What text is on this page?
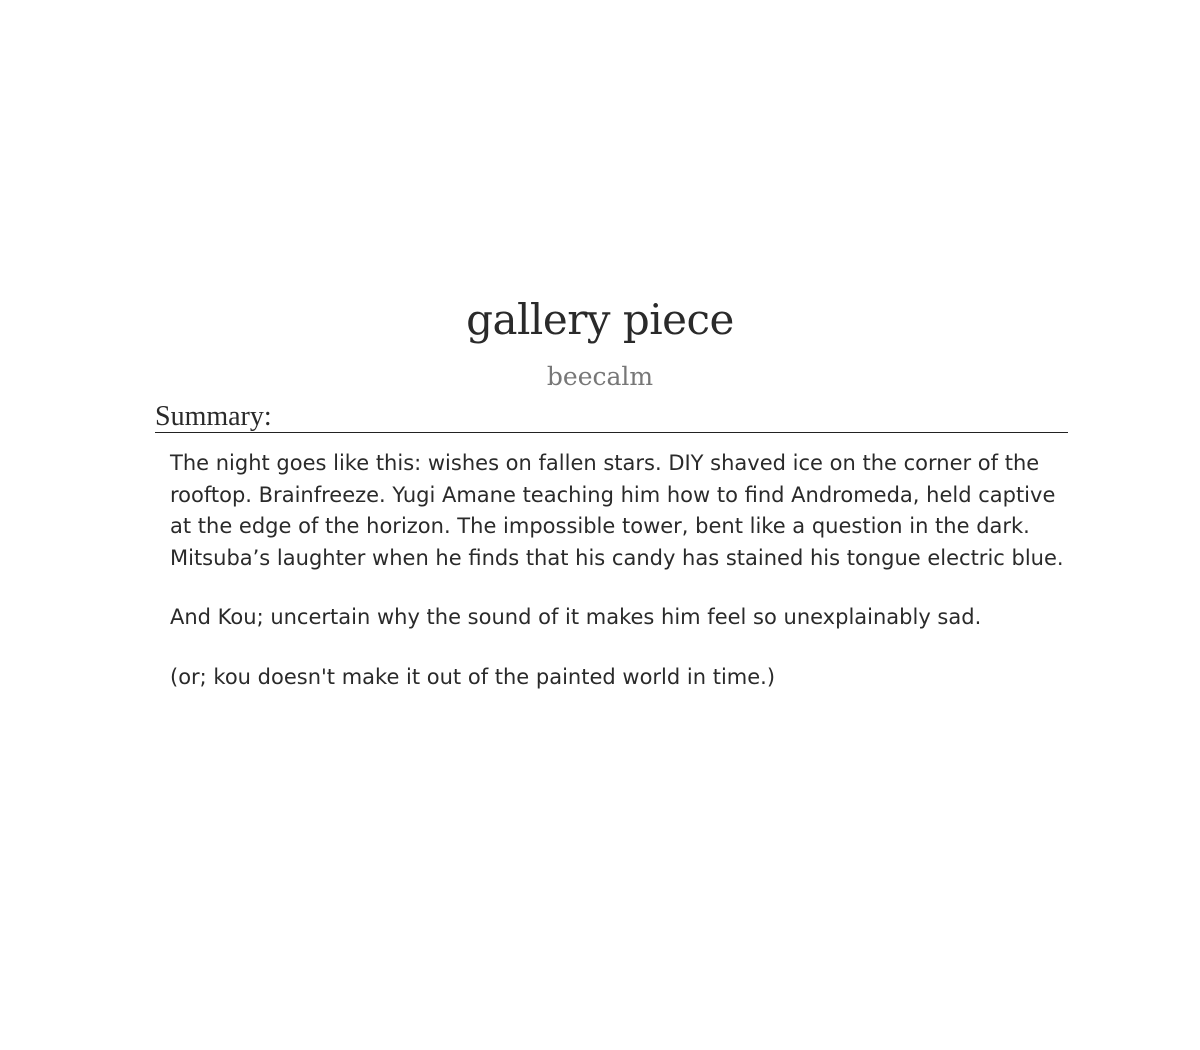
gallery piece
beecalm
Summary:

The night goes like this: wishes on fallen stars. DIY shaved ice on the corner of the rooftop. Brainfreeze. Yugi Amane teaching him how to find Andromeda, held captive at the edge of the horizon. The impossible tower, bent like a question in the dark. Mitsuba’s laughter when he finds that his candy has stained his tongue electric blue.

And Kou; uncertain why the sound of it makes him feel so unexplainably sad.

(or; kou doesn't make it out of the painted world in time.)
